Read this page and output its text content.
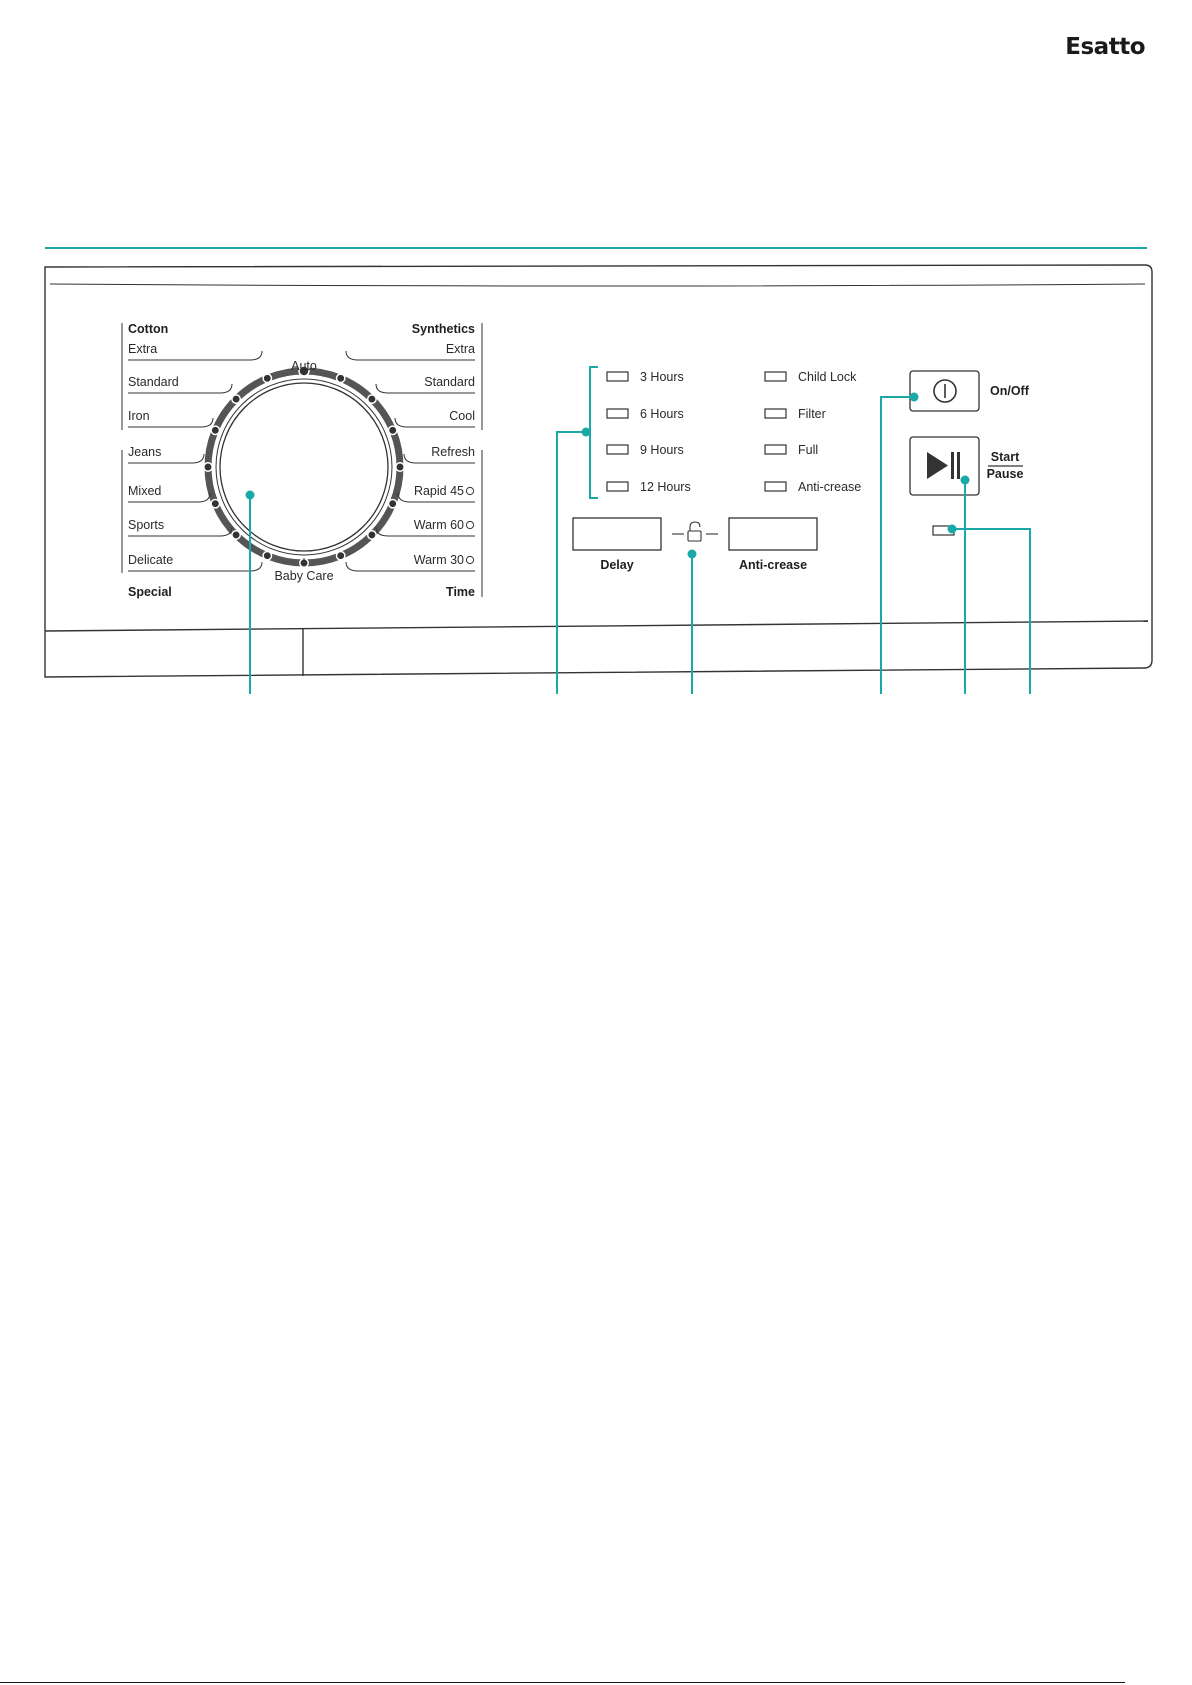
Esatto
Auto
Baby Care
Cotton
Special
Extra
Standard
Iron
Jeans
Mixed
Sports
Delicate
Synthetics
Time
Extra
Standard
Cool
Refresh
Rapid 45
Warm 60
Warm 30
3 Hours
6 Hours
9 Hours
12 Hours
Child Lock
Filter
Full
Anti-crease
Delay	Anti-crease
On/Off
Start
Pause
